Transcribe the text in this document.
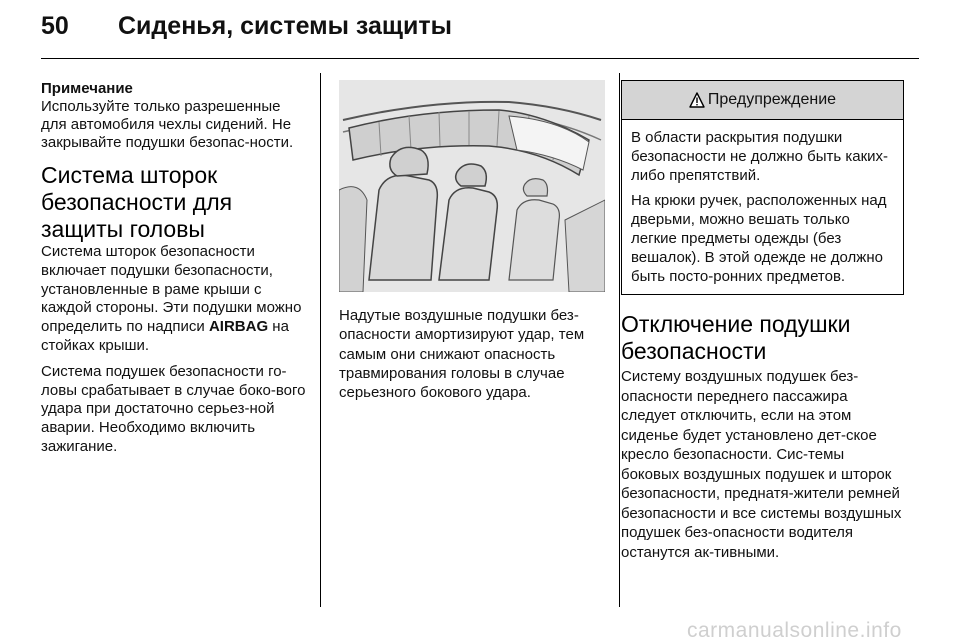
50 Сиденья, системы защиты

Примечание

Используйте только разрешенные для автомобиля чехлы сидений. Не закрывайте подушки безопас-ности.

Система шторок безопасности для защиты головы

Система шторок безопасности включает подушки безопасности, установленные в раме крыши с каждой стороны. Эти подушки можно определить по надписи AIRBAG на стойках крыши.

Система подушек безопасности го-ловы срабатывает в случае боко-вого удара при достаточно серьез-ной аварии. Необходимо включить зажигание.

Надутые воздушные подушки без-опасности амортизируют удар, тем самым они снижают опасность травмирования головы в случае серьезного бокового удара.

Предупреждение

В области раскрытия подушки безопасности не должно быть каких-либо препятствий.

На крюки ручек, расположенных над дверьми, можно вешать только легкие предметы одежды (без вешалок). В этой одежде не должно быть посто-ронних предметов.

Отключение подушки безопасности

Систему воздушных подушек без-опасности переднего пассажира следует отключить, если на этом сиденье будет установлено дет-ское кресло безопасности. Сис-темы боковых воздушных подушек и шторок безопасности, преднатя-жители ремней безопасности и все системы воздушных подушек без-опасности водителя останутся ак-тивными.

carmanualsonline.info
